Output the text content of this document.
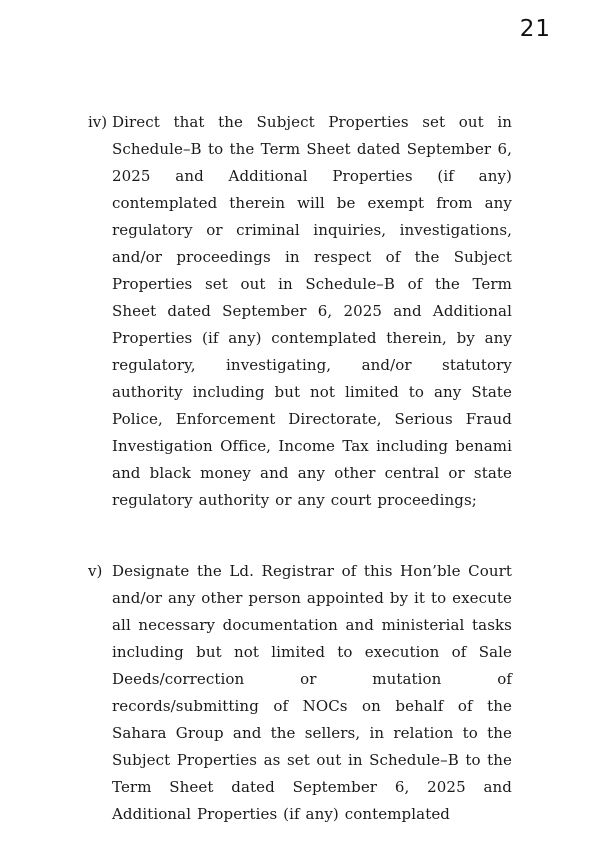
21
iv) Direct that the Subject Properties set out in Schedule–B to the Term Sheet dated September 6, 2025 and Additional Properties (if any) contemplated therein will be exempt from any regulatory or criminal inquiries, investigations, and/or proceedings in respect of the Subject Properties set out in Schedule–B of the Term Sheet dated September 6, 2025 and Additional Properties (if any) contemplated therein, by any regulatory, investigating, and/or statutory authority including but not limited to any State Police, Enforcement Directorate, Serious Fraud Investigation Office, Income Tax including benami and black money and any other central or state regulatory authority or any court proceedings;
v) Designate the Ld. Registrar of this Hon’ble Court and/or any other person appointed by it to execute all necessary documentation and ministerial tasks including but not limited to execution of Sale Deeds/correction or mutation of records/submitting of NOCs on behalf of the Sahara Group and the sellers, in relation to the Subject Properties as set out in Schedule–B to the Term Sheet dated September 6, 2025 and Additional Properties (if any) contemplated
